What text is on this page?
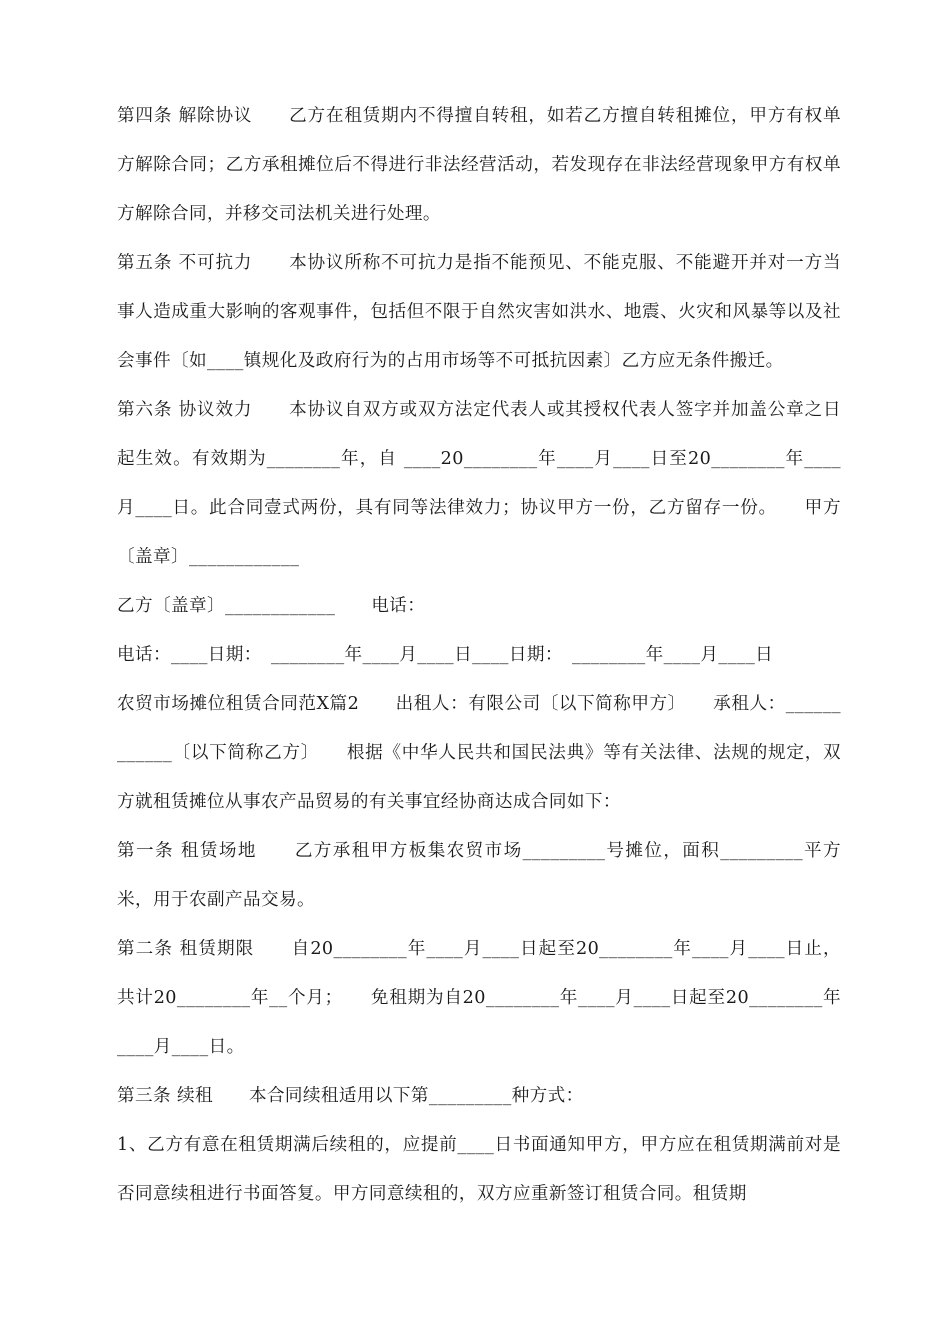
第四条 解除协议　　乙方在租赁期内不得擅自转租，如若乙方擅自转租摊位，甲方有权单方解除合同；乙方承租摊位后不得进行非法经营活动，若发现存在非法经营现象甲方有权单方解除合同，并移交司法机关进行处理。

第五条 不可抗力　　本协议所称不可抗力是指不能预见、不能克服、不能避开并对一方当事人造成重大影响的客观事件，包括但不限于自然灾害如洪水、地震、火灾和风暴等以及社会事件〔如____镇规化及政府行为的占用市场等不可抵抗因素〕乙方应无条件搬迁。

第六条 协议效力　　本协议自双方或双方法定代表人或其授权代表人签字并加盖公章之日起生效。有效期为________年，自 ____20________年____月____日至20________年____月____日。此合同壹式两份，具有同等法律效力；协议甲方一份，乙方留存一份。　　甲方〔盖章〕____________

乙方〔盖章〕____________　　电话：

电话：____日期：　________年____月____日____日期：　________年____月____日

农贸市场摊位租赁合同范X篇2　　出租人：有限公司〔以下简称甲方〕　　承租人：____________〔以下简称乙方〕　　根据《中华人民共和国民法典》等有关法律、法规的规定，双方就租赁摊位从事农产品贸易的有关事宜经协商达成合同如下：

第一条 租赁场地　　乙方承租甲方板集农贸市场_________号摊位，面积_________平方米，用于农副产品交易。

第二条 租赁期限　　自20________年____月____日起至20________年____月____日止，共计20________年__个月；　　免租期为自20________年____月____日起至20________年____月____日。

第三条 续租　　本合同续租适用以下第_________种方式：

1、乙方有意在租赁期满后续租的，应提前____日书面通知甲方，甲方应在租赁期满前对是否同意续租进行书面答复。甲方同意续租的，双方应重新签订租赁合同。租赁期
